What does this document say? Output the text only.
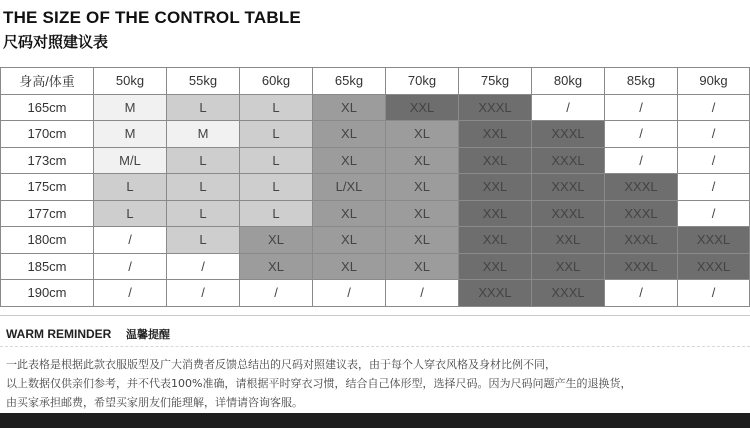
THE SIZE OF THE CONTROL TABLE
尺码对照建议表
身高/体重	50kg	55kg	60kg	65kg	70kg	75kg	80kg	85kg	90kg
165cm	M	L	L	XL	XXL	XXXL	/	/	/
170cm	M	M	L	XL	XL	XXL	XXXL	/	/
173cm	M/L	L	L	XL	XL	XXL	XXXL	/	/
175cm	L	L	L	L/XL	XL	XXL	XXXL	XXXL	/
177cm	L	L	L	XL	XL	XXL	XXXL	XXXL	/
180cm	/	L	XL	XL	XL	XXL	XXL	XXXL	XXXL
185cm	/	/	XL	XL	XL	XXL	XXL	XXXL	XXXL
190cm	/	/	/	/	/	XXXL	XXXL	/	/
WARM REMINDER 温馨提醒
一此表格是根据此款衣服版型及广大消费者反馈总结出的尺码对照建议表，由于每个人穿衣风格及身材比例不同，
以上数据仅供亲们参考，并不代表100%准确，请根据平时穿衣习惯，结合自己体形型，选择尺码。因为尺码问题产生的退换货，
由买家承担邮费，希望买家朋友们能理解，详情请咨询客服。
